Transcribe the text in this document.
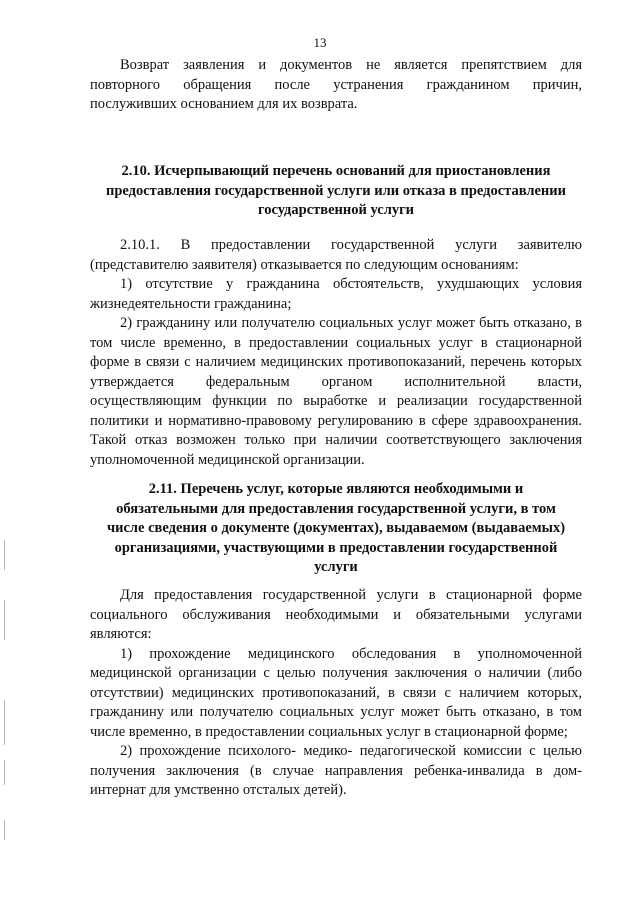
13

Возврат заявления и документов не является препятствием для

повторного обращения после устранения гражданином причин,

послуживших основанием для их возврата.

2.10. Исчерпывающий перечень оснований для приостановления

предоставления государственной услуги или отказа в предоставлении

государственной услуги

2.10.1. В предоставлении государственной услуги заявителю (представителю заявителя) отказывается по следующим основаниям:

1) отсутствие у гражданина обстоятельств, ухудшающих условия жизнедеятельности гражданина;

2) гражданину или получателю социальных услуг может быть отказано, в том числе временно, в предоставлении социальных услуг в стационарной форме в связи с наличием медицинских противопоказаний, перечень которых утверждается федеральным органом исполнительной власти, осуществляющим функции по выработке и реализации государственной политики и нормативно-правовому регулированию в сфере здравоохранения. Такой отказ возможен только при наличии соответствующего заключения уполномоченной медицинской организации.

2.11. Перечень услуг, которые являются необходимыми и

обязательными для предоставления государственной услуги, в том

числе сведения о документе (документах), выдаваемом (выдаваемых)

организациями, участвующими в предоставлении государственной

услуги

Для предоставления государственной услуги в стационарной форме социального обслуживания необходимыми и обязательными услугами являются:

1) прохождение медицинского обследования в уполномоченной медицинской организации с целью получения заключения о наличии (либо отсутствии) медицинских противопоказаний, в связи с наличием которых, гражданину или получателю социальных услуг может быть отказано, в том числе временно, в предоставлении социальных услуг в стационарной форме;

2) прохождение психолого- медико- педагогической комиссии с целью получения заключения (в случае направления ребенка-инвалида в дом-интернат для умственно отсталых детей).
